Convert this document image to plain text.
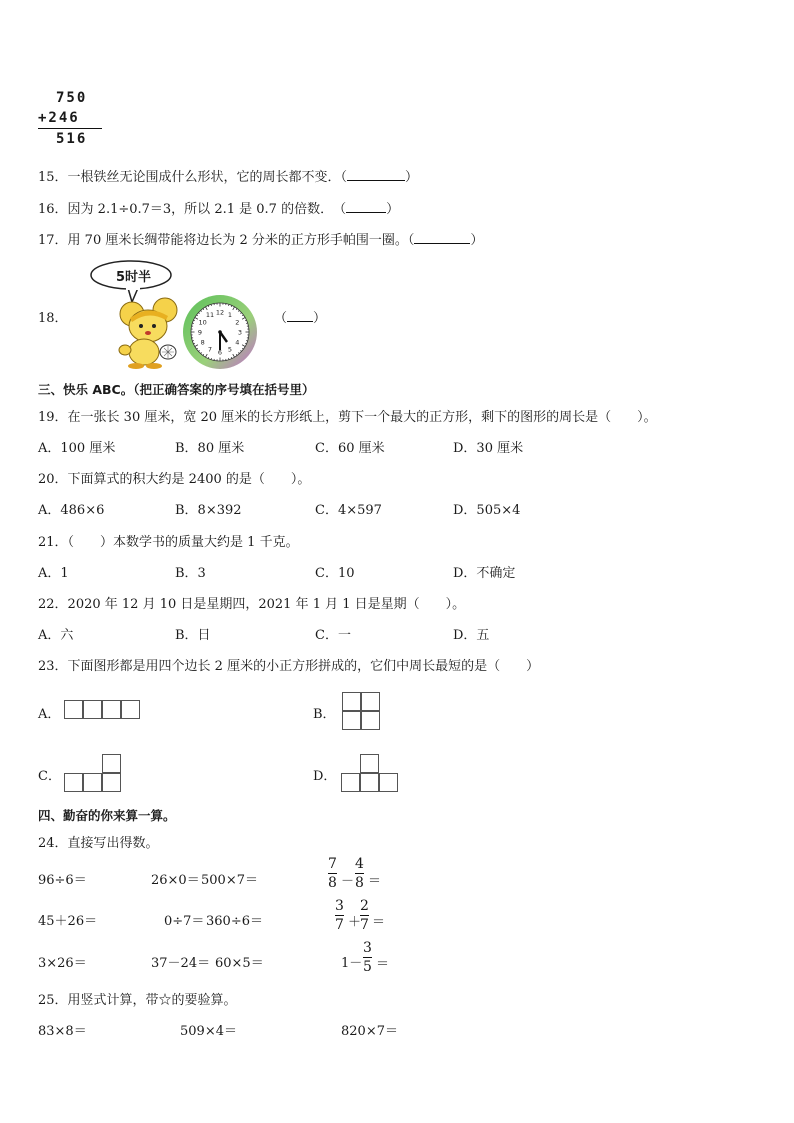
750
+246
516
15．一根铁丝无论围成什么形状，它的周长都不变．（	）
16．因为 2.1÷0.7＝3，所以 2.1 是 0.7 的倍数．　（	）
17．用 70 厘米长绸带能将边长为 2 分米的正方形手帕围一圈。（	）
18．
5时半
12 1
2
3
4
5
6
7
8
9
10
11	（ ）
三、快乐 ABC。（把正确答案的序号填在括号里）
19．在一张长 30 厘米，宽 20 厘米的长方形纸上，剪下一个最大的正方形，剩下的图形的周长是（　　）。
A．100 厘米	B．80 厘米	C．60 厘米	D．30 厘米
20．下面算式的积大约是 2400 的是（　　）。
A．486×6	B．8×392	C．4×597	D．505×4
21．（　　）本数学书的质量大约是 1 千克。
A．1	B．3	C．10	D．不确定
22．2020 年 12 月 10 日是星期四，2021 年 1 月 1 日是星期（　　）。
A．六	B．日	C．一	D．五
23．下面图形都是用四个边长 2 厘米的小正方形拼成的，它们中周长最短的是（　　）
A．	B．
C．	D．
四、勤奋的你来算一算。
24．直接写出得数。
96÷6＝	26×0＝ 500×7＝
7
8 －
4
8 ＝
45＋26＝	0÷7＝ 360÷6＝
3
7 ＋
2
7 ＝
3×26＝	37－24＝ 60×5＝	1－
3
5 ＝
25．用竖式计算，带☆的要验算。
83×8＝	509×4＝	820×7＝
